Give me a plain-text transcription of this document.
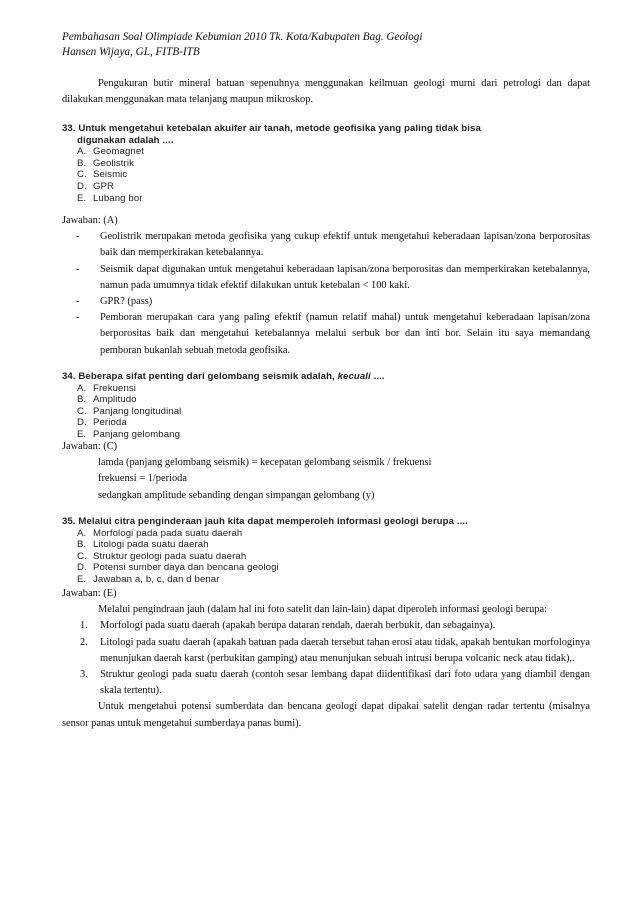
Pembahasan Soal Olimpiade Kebumian 2010 Tk. Kota/Kabupaten Bag. Geologi
Hansen Wijaya, GL, FITB-ITB
Pengukuran butir mineral batuan sepenuhnya menggunakan keilmuan geologi murni dari petrologi dan dapat dilakukan menggunakan mata telanjang maupun mikroskop.
33. Untuk mengetahui ketebalan akuifer air tanah, metode geofisika yang paling tidak bisa
digunakan adalah ....
A. Geomagnet
B. Geolistrik
C. Seismic
D. GPR
E. Lubang bor
Jawaban: (A)
- Geolistrik merupakan metoda geofisika yang cukup efektif untuk mengetahui keberadaan lapisan/zona berporositas baik dan memperkirakan ketebalannya.
- Seismik dapat digunakan untuk mengetahui keberadaan lapisan/zona berporositas dan memperkirakan ketebalannya, namun pada umumnya tidak efektif dilakukan untuk ketebalan < 100 kaki.
- GPR? (pass)
- Pemboran merupakan cara yang paling efektif (namun relatif mahal) untuk mengetahui keberadaan lapisan/zona berporositas baik dan mengetahui ketebalannya melalui serbuk bor dan inti bor. Selain itu saya memandang pemboran bukanlah sebuah metoda geofisika.
34. Beberapa sifat penting dari gelombang seismik adalah, kecuali ....
A. Frekuensi
B. Amplitudo
C. Panjang longitudinal
D. Perioda
E. Panjang gelombang
Jawaban: (C)
lamda (panjang gelombang seismik) = kecepatan gelombang seismik / frekuensi
frekuensi = 1/perioda
sedangkan amplitude sebanding dengan simpangan gelombang (y)
35. Melalui citra penginderaan jauh kita dapat memperoleh informasi geologi berupa ....
A. Morfologi pada pada suatu daerah
B. Litologi pada suatu daerah
C. Struktur geologi pada suatu daerah
D. Potensi sumber daya dan bencana geologi
E. Jawaban a, b, c, dan d benar
Jawaban: (E)
Melalui pengindraan jauh (dalam hal ini foto satelit dan lain-lain) dapat diperoleh informasi geologi berupa:
1. Morfologi pada suatu daerah (apakah berupa dataran rendah, daerah berbukit, dan sebagainya).
2. Litologi pada suatu daerah (apakah batuan pada daerah tersebut tahan erosi atau tidak, apakah bentukan morfologinya menunjukan daerah karst (perbukitan gamping) atau menunjukan sebuah intrusi berupa volcanic neck atau tidak),.
3. Struktur geologi pada suatu daerah (contoh sesar lembang dapat diidentifikasi dari foto udara yang diambil dengan skala tertentu).
Untuk mengetahui potensi sumberdata dan bencana geologi dapat dipakai satelit dengan radar tertentu (misalnya sensor panas untuk mengetahui sumberdaya panas bumi).
